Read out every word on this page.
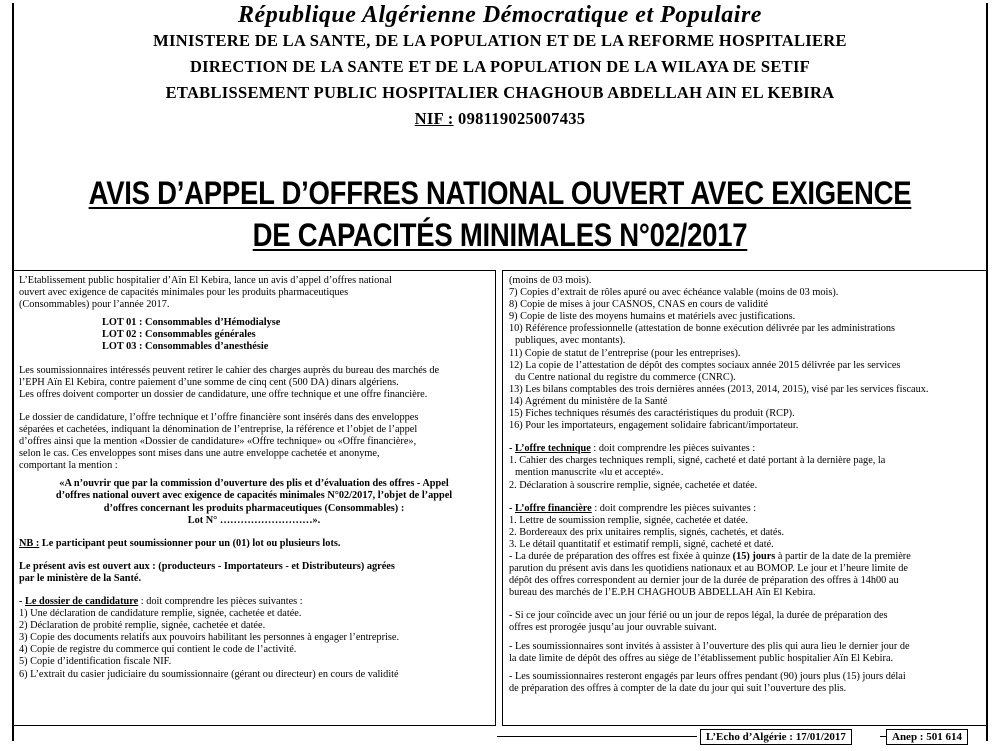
République Algérienne Démocratique et Populaire
MINISTERE DE LA SANTE, DE LA POPULATION ET DE LA REFORME HOSPITALIERE
DIRECTION DE LA SANTE ET DE LA POPULATION DE LA WILAYA DE SETIF
ETABLISSEMENT PUBLIC HOSPITALIER CHAGHOUB ABDELLAH AIN EL KEBIRA
NIF : 098119025007435
AVIS D’APPEL D’OFFRES NATIONAL OUVERT AVEC EXIGENCE
DE CAPACITÉS MINIMALES N°02/2017

L’Etablissement public hospitalier d’Aïn El Kebira, lance un avis d’appel d’offres national

ouvert avec exigence de capacités minimales pour les produits pharmaceutiques

(Consommables) pour l’année 2017.

LOT 01 : Consommables d’Hémodialyse

LOT 02 : Consommables générales

LOT 03 : Consommables d’anesthésie

Les soumissionnaires intéressés peuvent retirer le cahier des charges auprès du bureau des marchés de

l’EPH Aïn El Kebira, contre paiement d’une somme de cinq cent (500 DA) dinars algériens.

Les offres doivent comporter un dossier de candidature, une offre technique et une offre financière.

Le dossier de candidature, l’offre technique et l’offre financière sont insérés dans des enveloppes

séparées et cachetées, indiquant la dénomination de l’entreprise, la référence et l’objet de l’appel

d’offres ainsi que la mention «Dossier de candidature» «Offre technique» ou «Offre financière»,

selon le cas. Ces enveloppes sont mises dans une autre enveloppe cachetée et anonyme,

comportant la mention :

«A n’ouvrir que par la commission d’ouverture des plis et d’évaluation des offres - Appel

d’offres national ouvert avec exigence de capacités minimales N°02/2017, l’objet de l’appel

d’offres concernant les produits pharmaceutiques (Consommables) :

Lot N° ………………………».

NB : Le participant peut soumissionner pour un (01) lot ou plusieurs lots.

Le présent avis est ouvert aux : (producteurs - Importateurs - et Distributeurs) agrées

par le ministère de la Santé.

- Le dossier de candidature : doit comprendre les pièces suivantes :

1) Une déclaration de candidature remplie, signée, cachetée et datée.

2) Déclaration de probité remplie, signée, cachetée et datée.

3) Copie des documents relatifs aux pouvoirs habilitant les personnes à engager l’entreprise.

4) Copie de registre du commerce qui contient le code de l’activité.

5) Copie d’identification fiscale NIF.

6) L’extrait du casier judiciaire du soumissionnaire (gérant ou directeur) en cours de validité

(moins de 03 mois).

7) Copies d’extrait de rôles apuré ou avec échéance valable (moins de 03 mois).

8) Copie de mises à jour CASNOS, CNAS en cours de validité

9) Copie de liste des moyens humains et matériels avec justifications.

10) Référence professionnelle (attestation de bonne exécution délivrée par les administrations

publiques, avec montants).

11) Copie de statut de l’entreprise (pour les entreprises).

12) La copie de l’attestation de dépôt des comptes sociaux année 2015 délivrée par les services

du Centre national du registre du commerce (CNRC).

13) Les bilans comptables des trois dernières années (2013, 2014, 2015), visé par les services fiscaux.

14) Agrément du ministère de la Santé

15) Fiches techniques résumés des caractéristiques du produit (RCP).

16) Pour les importateurs, engagement solidaire fabricant/importateur.

- L’offre technique : doit comprendre les pièces suivantes :

1. Cahier des charges techniques rempli, signé, cacheté et daté portant à la dernière page, la

mention manuscrite «lu et accepté».

2. Déclaration à souscrire remplie, signée, cachetée et datée.

- L’offre financière : doit comprendre les pièces suivantes :

1. Lettre de soumission remplie, signée, cachetée et datée.

2. Bordereaux des prix unitaires remplis, signés, cachetés, et datés.

3. Le détail quantitatif et estimatif rempli, signé, cacheté et daté.

- La durée de préparation des offres est fixée à quinze (15) jours à partir de la date de la première

parution du présent avis dans les quotidiens nationaux et au BOMOP. Le jour et l’heure limite de

dépôt des offres correspondent au dernier jour de la durée de préparation des offres à 14h00 au

bureau des marchés de l’E.P.H CHAGHOUB ABDELLAH Aïn El Kebira.

- Si ce jour coïncide avec un jour férié ou un jour de repos légal, la durée de préparation des

offres est prorogée jusqu’au jour ouvrable suivant.

- Les soumissionnaires sont invités à assister à l’ouverture des plis qui aura lieu le dernier jour de

la date limite de dépôt des offres au siège de l’établissement public hospitalier Aïn El Kebira.

- Les soumissionnaires resteront engagés par leurs offres pendant (90) jours plus (15) jours délai

de préparation des offres à compter de la date du jour qui suit l’ouverture des plis.

L’Echo d’Algérie : 17/01/2017	Anep : 501 614
